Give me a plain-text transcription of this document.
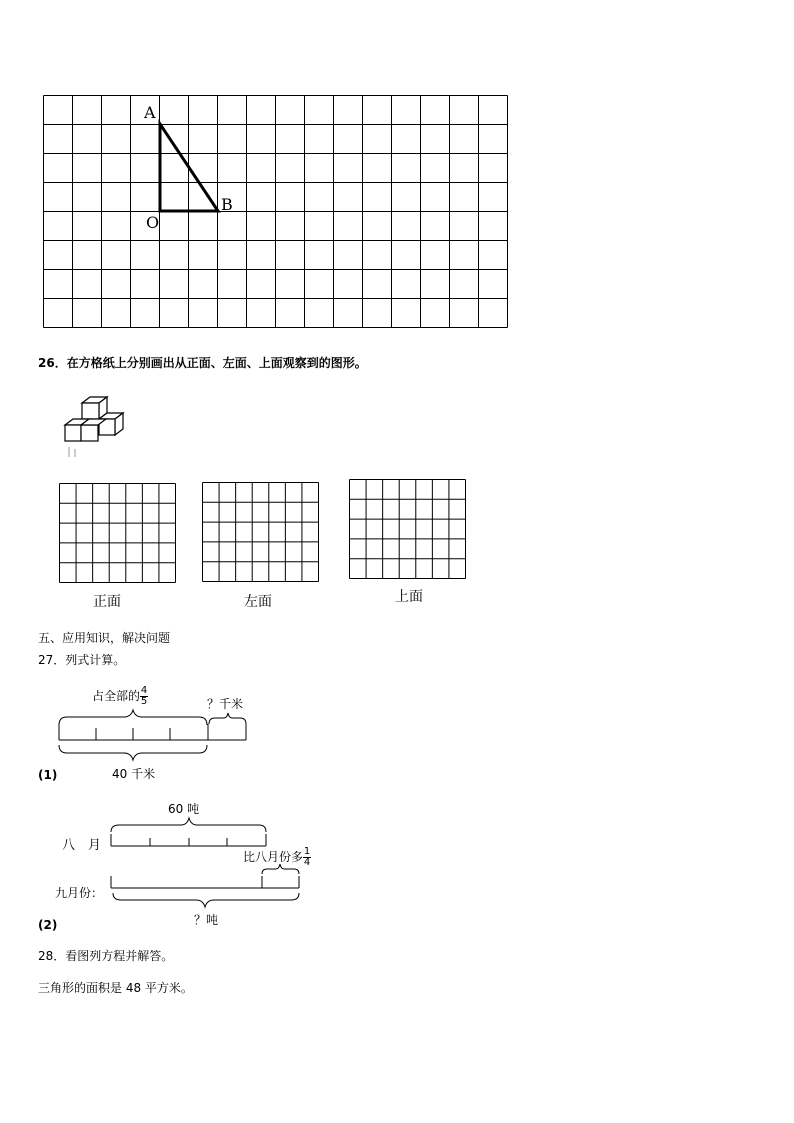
A
B
O
26．在方格纸上分别画出从正面、左面、上面观察到的图形。
正面	左面	上面
五、应用知识，解决问题
27．列式计算。
占全部的 $\frac{4}{5}$	？千米
40 千米
(1)
60 吨
八　月
九月份：
比八月份多 $\frac{1}{4}$
？吨
(2)
28．看图列方程并解答。
三角形的面积是 48 平方米。
